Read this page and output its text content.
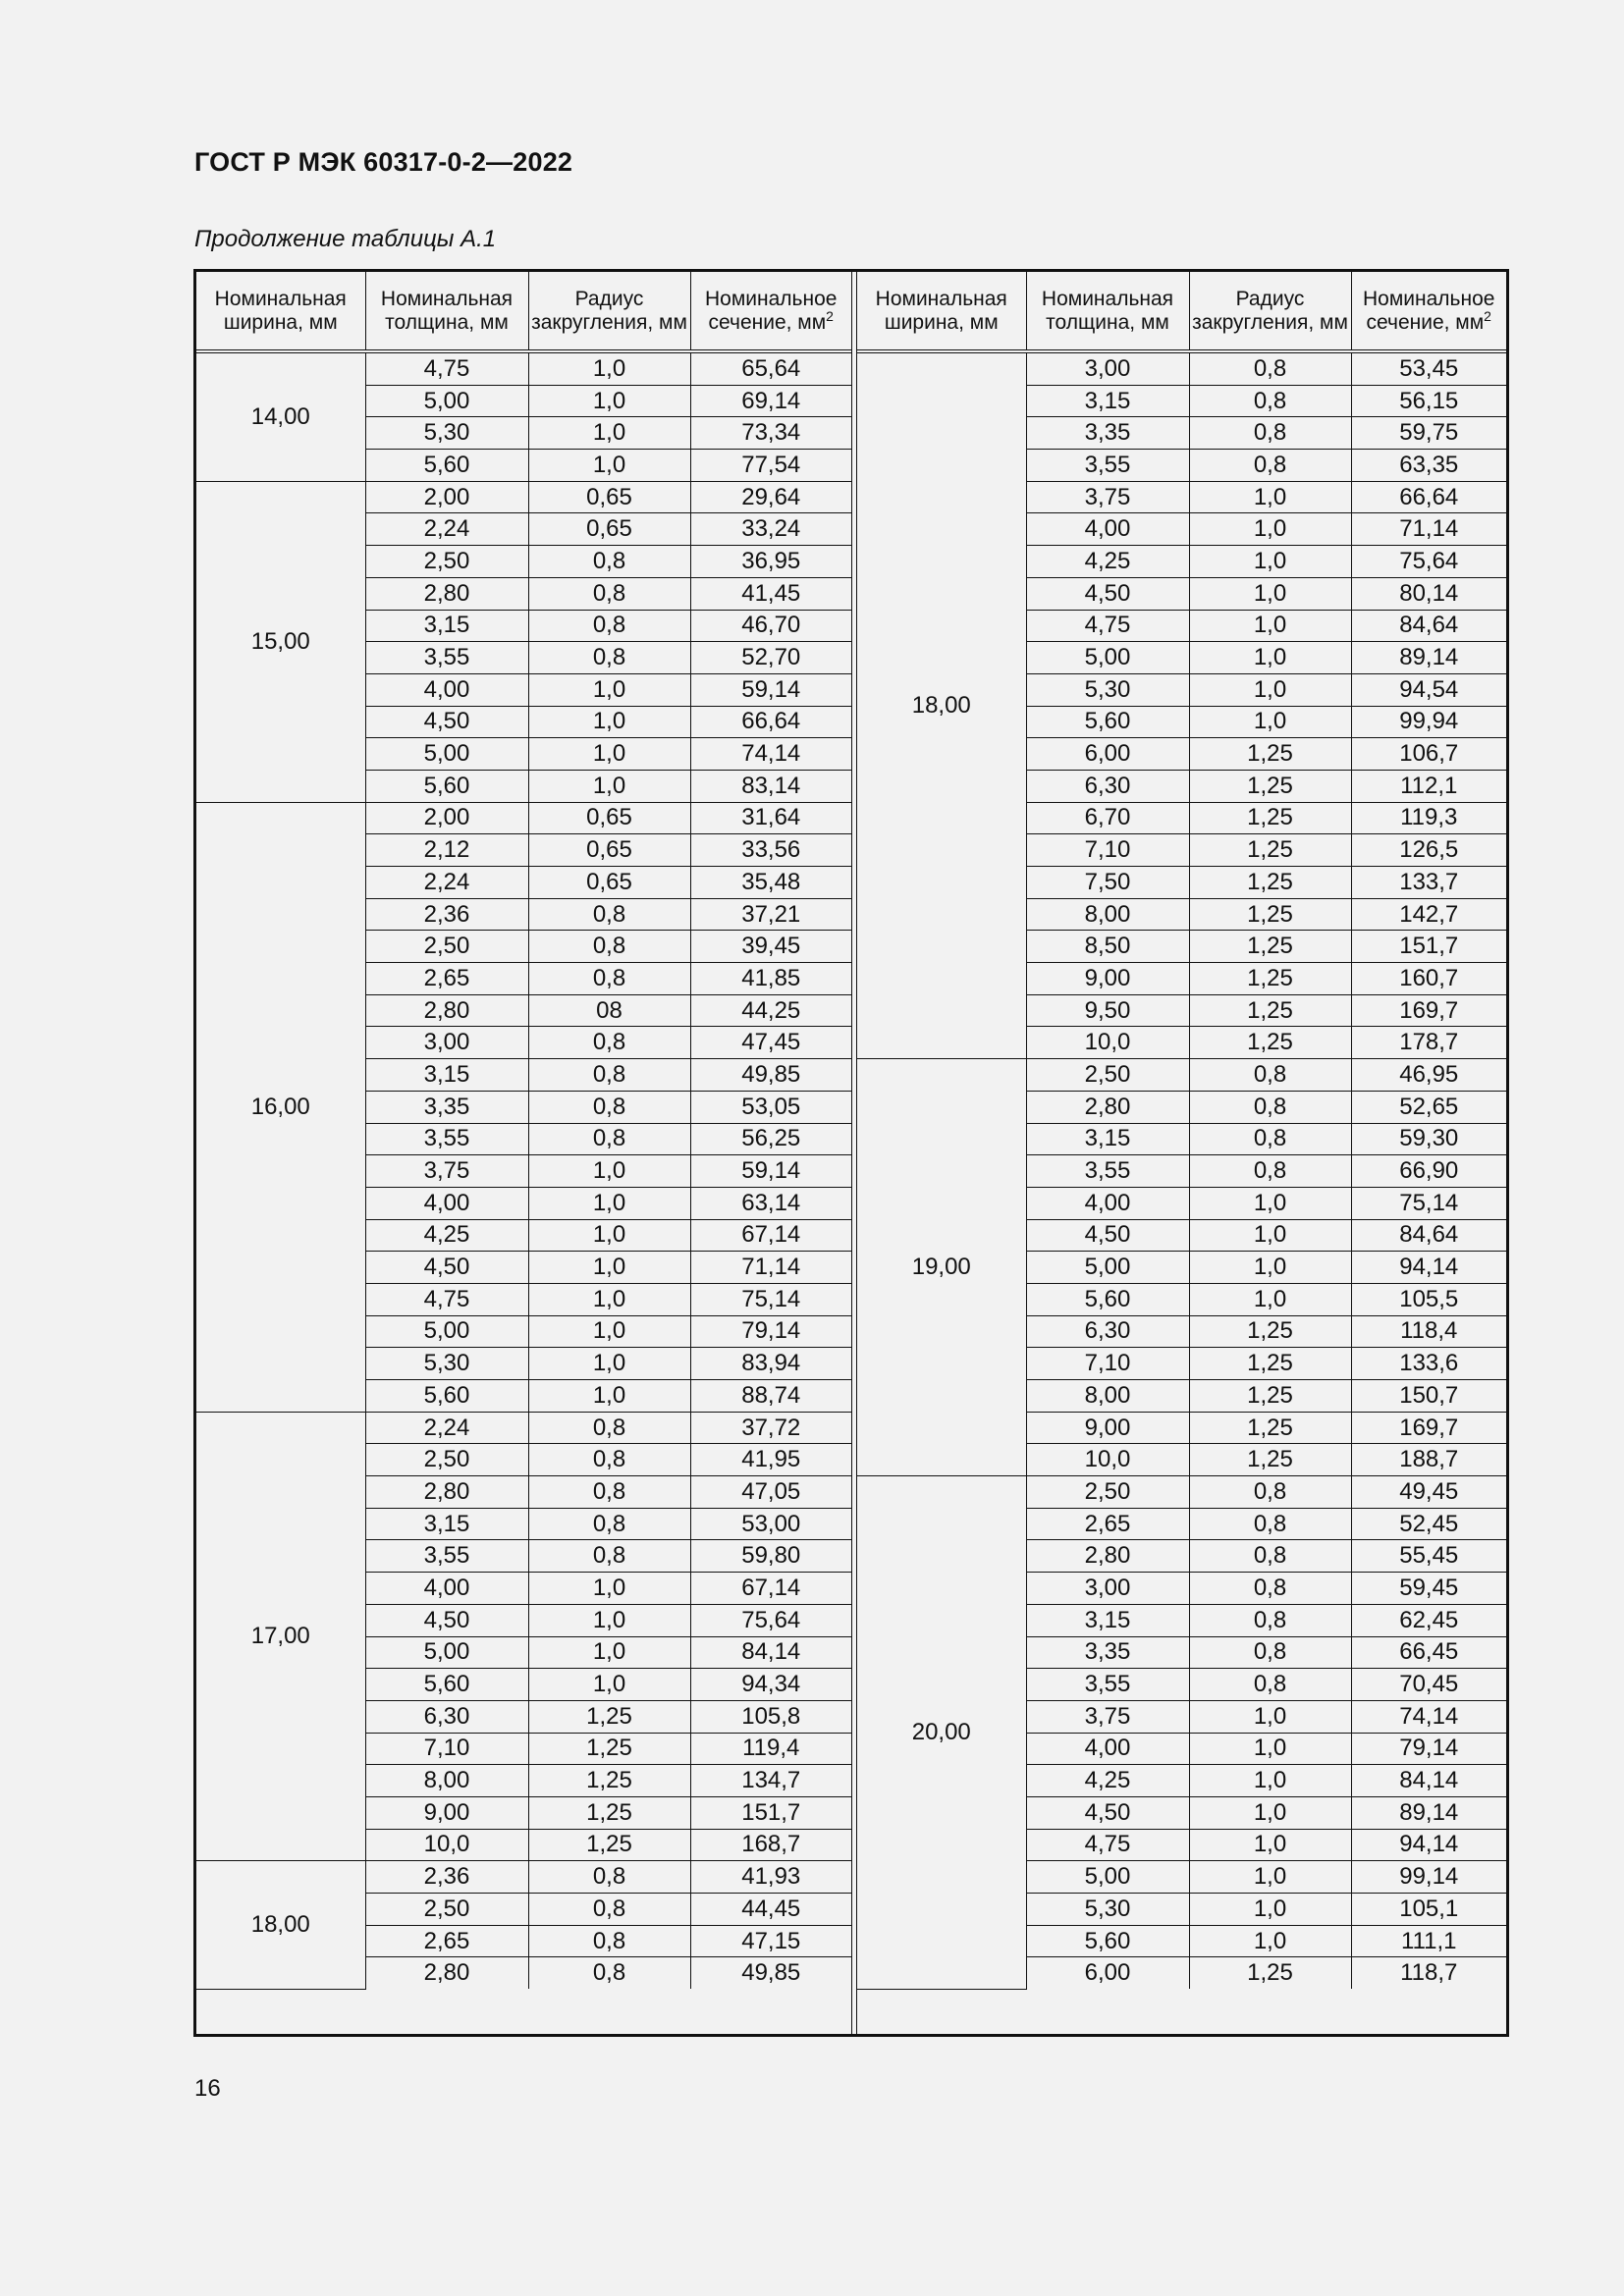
ГОСТ Р МЭК 60317-0-2—2022
Продолжение таблицы А.1
Номинальная ширина, мм	Номинальная толщина, мм	Радиус закругления, мм	Номинальное сечение, $мм^2$
14,00	4,75	1,0	65,64
	5,00	1,0	69,14
	5,30	1,0	73,34
	5,60	1,0	77,54
15,00	2,00	0,65	29,64
	2,24	0,65	33,24
	2,50	0,8	36,95
	2,80	0,8	41,45
	3,15	0,8	46,70
	3,55	0,8	52,70
	4,00	1,0	59,14
	4,50	1,0	66,64
	5,00	1,0	74,14
	5,60	1,0	83,14
16,00	2,00	0,65	31,64
	2,12	0,65	33,56
	2,24	0,65	35,48
	2,36	0,8	37,21
	2,50	0,8	39,45
	2,65	0,8	41,85
	2,80	08	44,25
	3,00	0,8	47,45
	3,15	0,8	49,85
	3,35	0,8	53,05
	3,55	0,8	56,25
	3,75	1,0	59,14
	4,00	1,0	63,14
	4,25	1,0	67,14
	4,50	1,0	71,14
	4,75	1,0	75,14
	5,00	1,0	79,14
	5,30	1,0	83,94
	5,60	1,0	88,74
17,00	2,24	0,8	37,72
	2,50	0,8	41,95
	2,80	0,8	47,05
	3,15	0,8	53,00
	3,55	0,8	59,80
	4,00	1,0	67,14
	4,50	1,0	75,64
	5,00	1,0	84,14
	5,60	1,0	94,34
	6,30	1,25	105,8
	7,10	1,25	119,4
	8,00	1,25	134,7
	9,00	1,25	151,7
	10,0	1,25	168,7
18,00	2,36	0,8	41,93
	2,50	0,8	44,45
	2,65	0,8	47,15
	2,80	0,8	49,85
Номинальная ширина, мм	Номинальная толщина, мм	Радиус закругления, мм	Номинальное сечение, $мм^2$
18,00	3,00	0,8	53,45
	3,15	0,8	56,15
	3,35	0,8	59,75
	3,55	0,8	63,35
	3,75	1,0	66,64
	4,00	1,0	71,14
	4,25	1,0	75,64
	4,50	1,0	80,14
	4,75	1,0	84,64
	5,00	1,0	89,14
	5,30	1,0	94,54
	5,60	1,0	99,94
	6,00	1,25	106,7
	6,30	1,25	112,1
	6,70	1,25	119,3
	7,10	1,25	126,5
	7,50	1,25	133,7
	8,00	1,25	142,7
	8,50	1,25	151,7
	9,00	1,25	160,7
	9,50	1,25	169,7
	10,0	1,25	178,7
19,00	2,50	0,8	46,95
	2,80	0,8	52,65
	3,15	0,8	59,30
	3,55	0,8	66,90
	4,00	1,0	75,14
	4,50	1,0	84,64
	5,00	1,0	94,14
	5,60	1,0	105,5
	6,30	1,25	118,4
	7,10	1,25	133,6
	8,00	1,25	150,7
	9,00	1,25	169,7
	10,0	1,25	188,7
20,00	2,50	0,8	49,45
	2,65	0,8	52,45
	2,80	0,8	55,45
	3,00	0,8	59,45
	3,15	0,8	62,45
	3,35	0,8	66,45
	3,55	0,8	70,45
	3,75	1,0	74,14
	4,00	1,0	79,14
	4,25	1,0	84,14
	4,50	1,0	89,14
	4,75	1,0	94,14
	5,00	1,0	99,14
	5,30	1,0	105,1
	5,60	1,0	111,1
	6,00	1,25	118,7
16
